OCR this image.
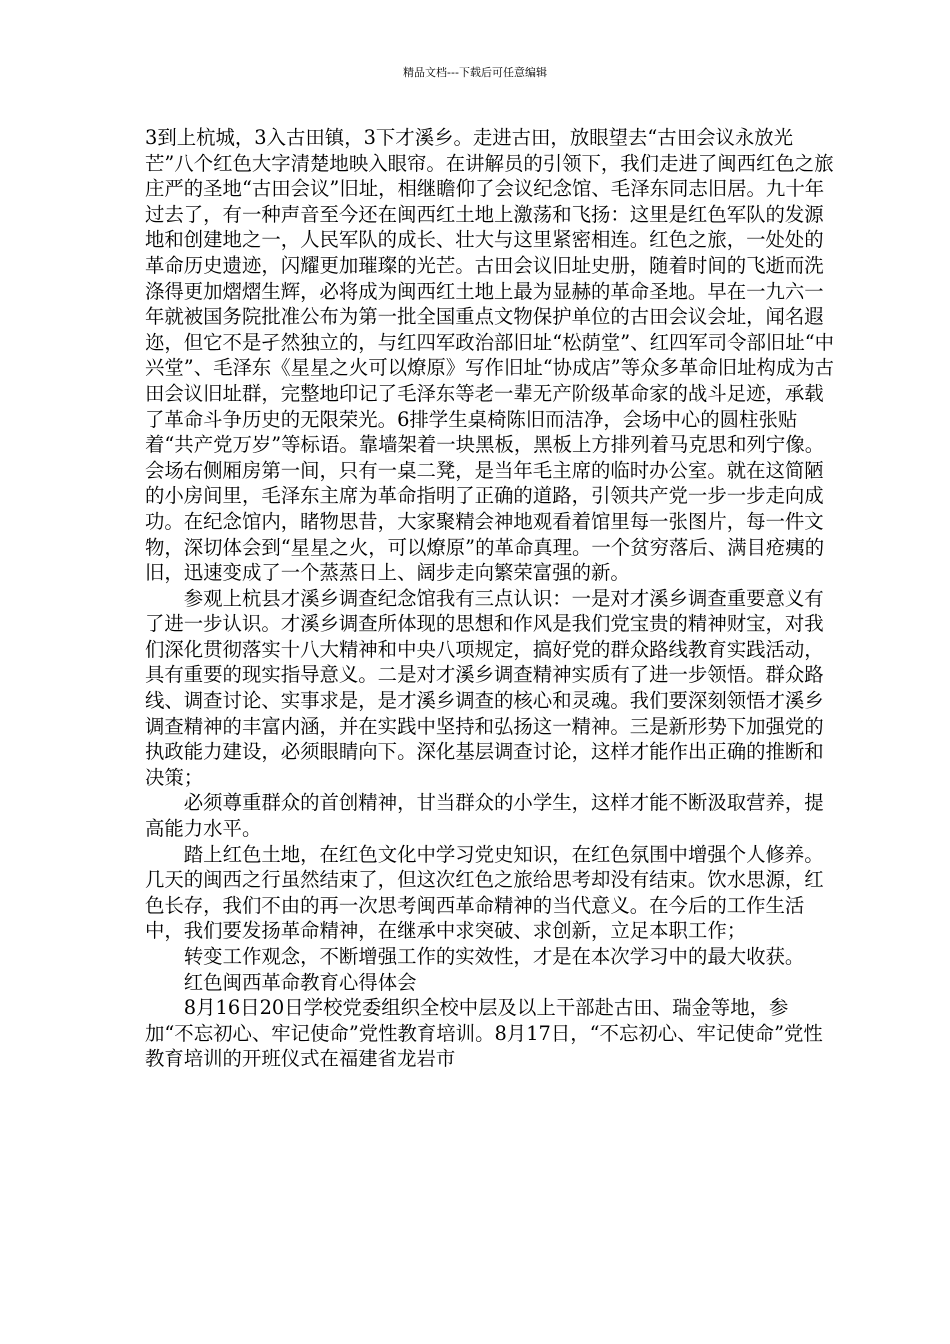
精品文档---下载后可任意编辑

3到上杭城，3入古田镇，3下才溪乡。走进古田，放眼望去“古田会议永放光芒”八个红色大字清楚地映入眼帘。在讲解员的引领下，我们走进了闽西红色之旅庄严的圣地“古田会议”旧址，相继瞻仰了会议纪念馆、毛泽东同志旧居。九十年过去了，有一种声音至今还在闽西红土地上激荡和飞扬：这里是红色军队的发源地和创建地之一，人民军队的成长、壮大与这里紧密相连。红色之旅，一处处的革命历史遗迹，闪耀更加璀璨的光芒。古田会议旧址史册，随着时间的飞逝而洗涤得更加熠熠生辉，必将成为闽西红土地上最为显赫的革命圣地。早在一九六一年就被国务院批准公布为第一批全国重点文物保护单位的古田会议会址，闻名遐迩，但它不是孑然独立的，与红四军政治部旧址“松荫堂”、红四军司令部旧址“中兴堂”、毛泽东《星星之火可以燎原》写作旧址“协成店”等众多革命旧址构成为古田会议旧址群，完整地印记了毛泽东等老一辈无产阶级革命家的战斗足迹，承载了革命斗争历史的无限荣光。6排学生桌椅陈旧而洁净，会场中心的圆柱张贴着“共产党万岁”等标语。靠墙架着一块黑板，黑板上方排列着马克思和列宁像。会场右侧厢房第一间，只有一桌二凳，是当年毛主席的临时办公室。就在这简陋的小房间里，毛泽东主席为革命指明了正确的道路，引领共产党一步一步走向成功。在纪念馆内，睹物思昔，大家聚精会神地观看着馆里每一张图片，每一件文物，深切体会到“星星之火，可以燎原”的革命真理。一个贫穷落后、满目疮痍的旧，迅速变成了一个蒸蒸日上、阔步走向繁荣富强的新。

参观上杭县才溪乡调查纪念馆我有三点认识：一是对才溪乡调查重要意义有了进一步认识。才溪乡调查所体现的思想和作风是我们党宝贵的精神财宝，对我们深化贯彻落实十八大精神和中央八项规定，搞好党的群众路线教育实践活动，具有重要的现实指导意义。二是对才溪乡调查精神实质有了进一步领悟。群众路线、调查讨论、实事求是，是才溪乡调查的核心和灵魂。我们要深刻领悟才溪乡调查精神的丰富内涵，并在实践中坚持和弘扬这一精神。三是新形势下加强党的执政能力建设，必须眼睛向下。深化基层调查讨论，这样才能作出正确的推断和决策；

必须尊重群众的首创精神，甘当群众的小学生，这样才能不断汲取营养，提高能力水平。

踏上红色土地，在红色文化中学习党史知识，在红色氛围中增强个人修养。几天的闽西之行虽然结束了，但这次红色之旅给思考却没有结束。饮水思源，红色长存，我们不由的再一次思考闽西革命精神的当代意义。在今后的工作生活中，我们要发扬革命精神，在继承中求突破、求创新，立足本职工作；

转变工作观念，不断增强工作的实效性，才是在本次学习中的最大收获。

红色闽西革命教育心得体会

8月16日20日学校党委组织全校中层及以上干部赴古田、瑞金等地，参加“不忘初心、牢记使命”党性教育培训。8月17日，“不忘初心、牢记使命”党性教育培训的开班仪式在福建省龙岩市
